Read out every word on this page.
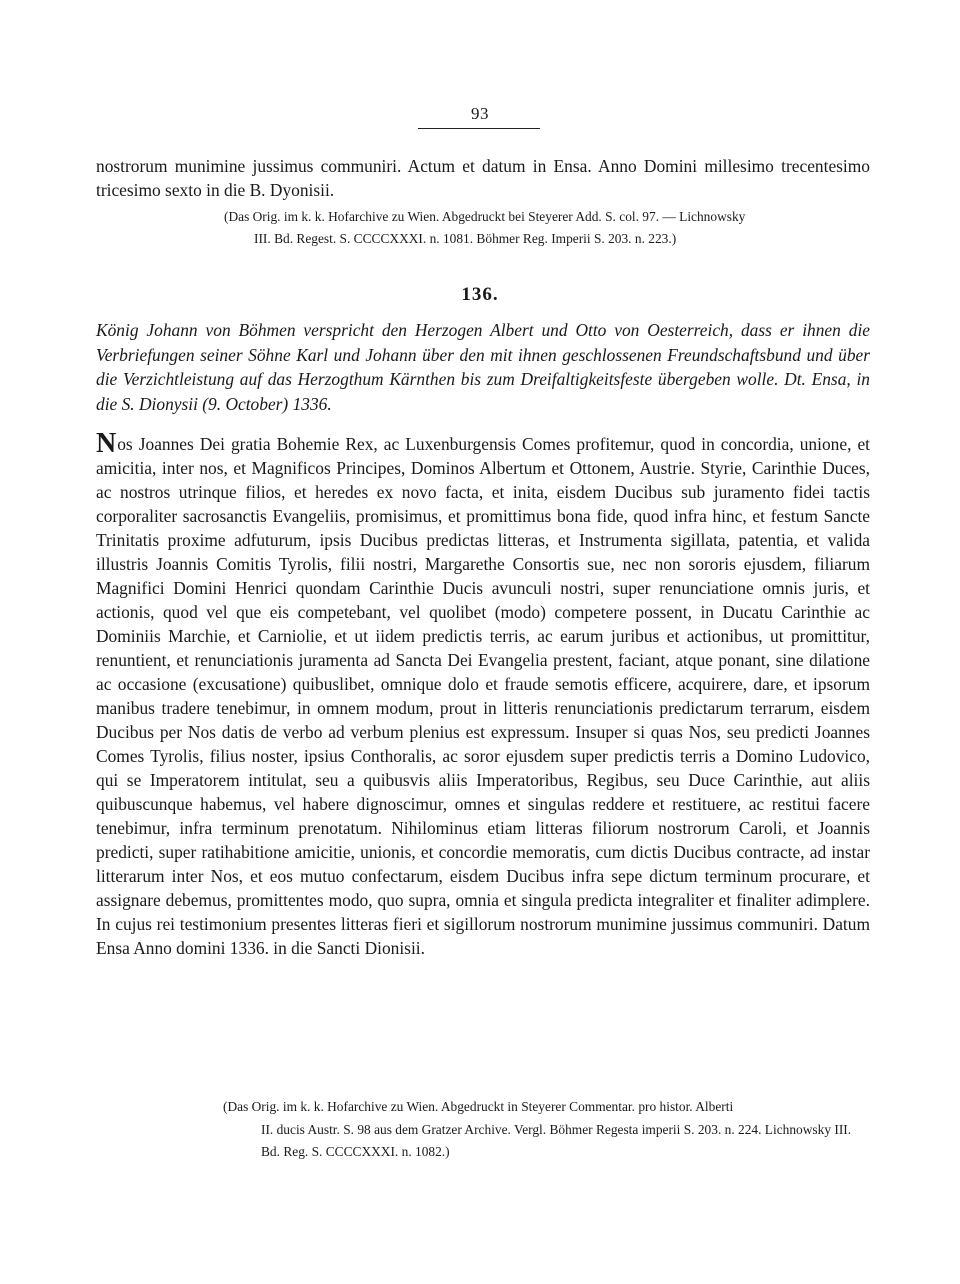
93

nostrorum munimine jussimus communiri. Actum et datum in Ensa. Anno Domini millesimo trecentesimo tricesimo sexto in die B. Dyonisii.

(Das Orig. im k. k. Hofarchive zu Wien. Abgedruckt bei Steyerer Add. S. col. 97. — Lichnowsky
III. Bd. Regest. S. CCCCXXXI. n. 1081. Böhmer Reg. Imperii S. 203. n. 223.)
136.

König Johann von Böhmen verspricht den Herzogen Albert und Otto von Oesterreich, dass er ihnen die Verbriefungen seiner Söhne Karl und Johann über den mit ihnen geschlossenen Freundschaftsbund und über die Verzichtleistung auf das Herzogthum Kärnthen bis zum Dreifaltigkeitsfeste übergeben wolle. Dt. Ensa, in die S. Dionysii (9. October) 1336.

Nos Joannes Dei gratia Bohemie Rex, ac Luxenburgensis Comes profitemur, quod in concordia, unione, et amicitia, inter nos, et Magnificos Principes, Dominos Albertum et Ottonem, Austrie. Styrie, Carinthie Duces, ac nostros utrinque filios, et heredes ex novo facta, et inita, eisdem Ducibus sub juramento fidei tactis corporaliter sacrosanctis Evangeliis, promisimus, et promittimus bona fide, quod infra hinc, et festum Sancte Trinitatis proxime adfuturum, ipsis Ducibus predictas litteras, et Instrumenta sigillata, patentia, et valida illustris Joannis Comitis Tyrolis, filii nostri, Margarethe Consortis sue, nec non sororis ejusdem, filiarum Magnifici Domini Henrici quondam Carinthie Ducis avunculi nostri, super renunciatione omnis juris, et actionis, quod vel que eis competebant, vel quolibet (modo) competere possent, in Ducatu Carinthie ac Dominiis Marchie, et Carniolie, et ut iidem predictis terris, ac earum juribus et actionibus, ut promittitur, renuntient, et renunciationis juramenta ad Sancta Dei Evangelia prestent, faciant, atque ponant, sine dilatione ac occasione (excusatione) quibuslibet, omnique dolo et fraude semotis efficere, acquirere, dare, et ipsorum manibus tradere tenebimur, in omnem modum, prout in litteris renunciationis predictarum terrarum, eisdem Ducibus per Nos datis de verbo ad verbum plenius est expressum. Insuper si quas Nos, seu predicti Joannes Comes Tyrolis, filius noster, ipsius Conthoralis, ac soror ejusdem super predictis terris a Domino Ludovico, qui se Imperatorem intitulat, seu a quibusvis aliis Imperatoribus, Regibus, seu Duce Carinthie, aut aliis quibuscunque habemus, vel habere dignoscimur, omnes et singulas reddere et restituere, ac restitui facere tenebimur, infra terminum prenotatum. Nihilominus etiam litteras filiorum nostrorum Caroli, et Joannis predicti, super ratihabitione amicitie, unionis, et concordie memoratis, cum dictis Ducibus contracte, ad instar litterarum inter Nos, et eos mutuo confectarum, eisdem Ducibus infra sepe dictum terminum procurare, et assignare debemus, promittentes modo, quo supra, omnia et singula predicta integraliter et finaliter adimplere. In cujus rei testimonium presentes litteras fieri et sigillorum nostrorum munimine jussimus communiri. Datum Ensa Anno domini 1336. in die Sancti Dionisii.

(Das Orig. im k. k. Hofarchive zu Wien. Abgedruckt in Steyerer Commentar. pro histor. Alberti
II. ducis Austr. S. 98 aus dem Gratzer Archive. Vergl. Böhmer Regesta imperii S. 203. n. 224. Lichnowsky III. Bd. Reg. S. CCCCXXXI. n. 1082.)
